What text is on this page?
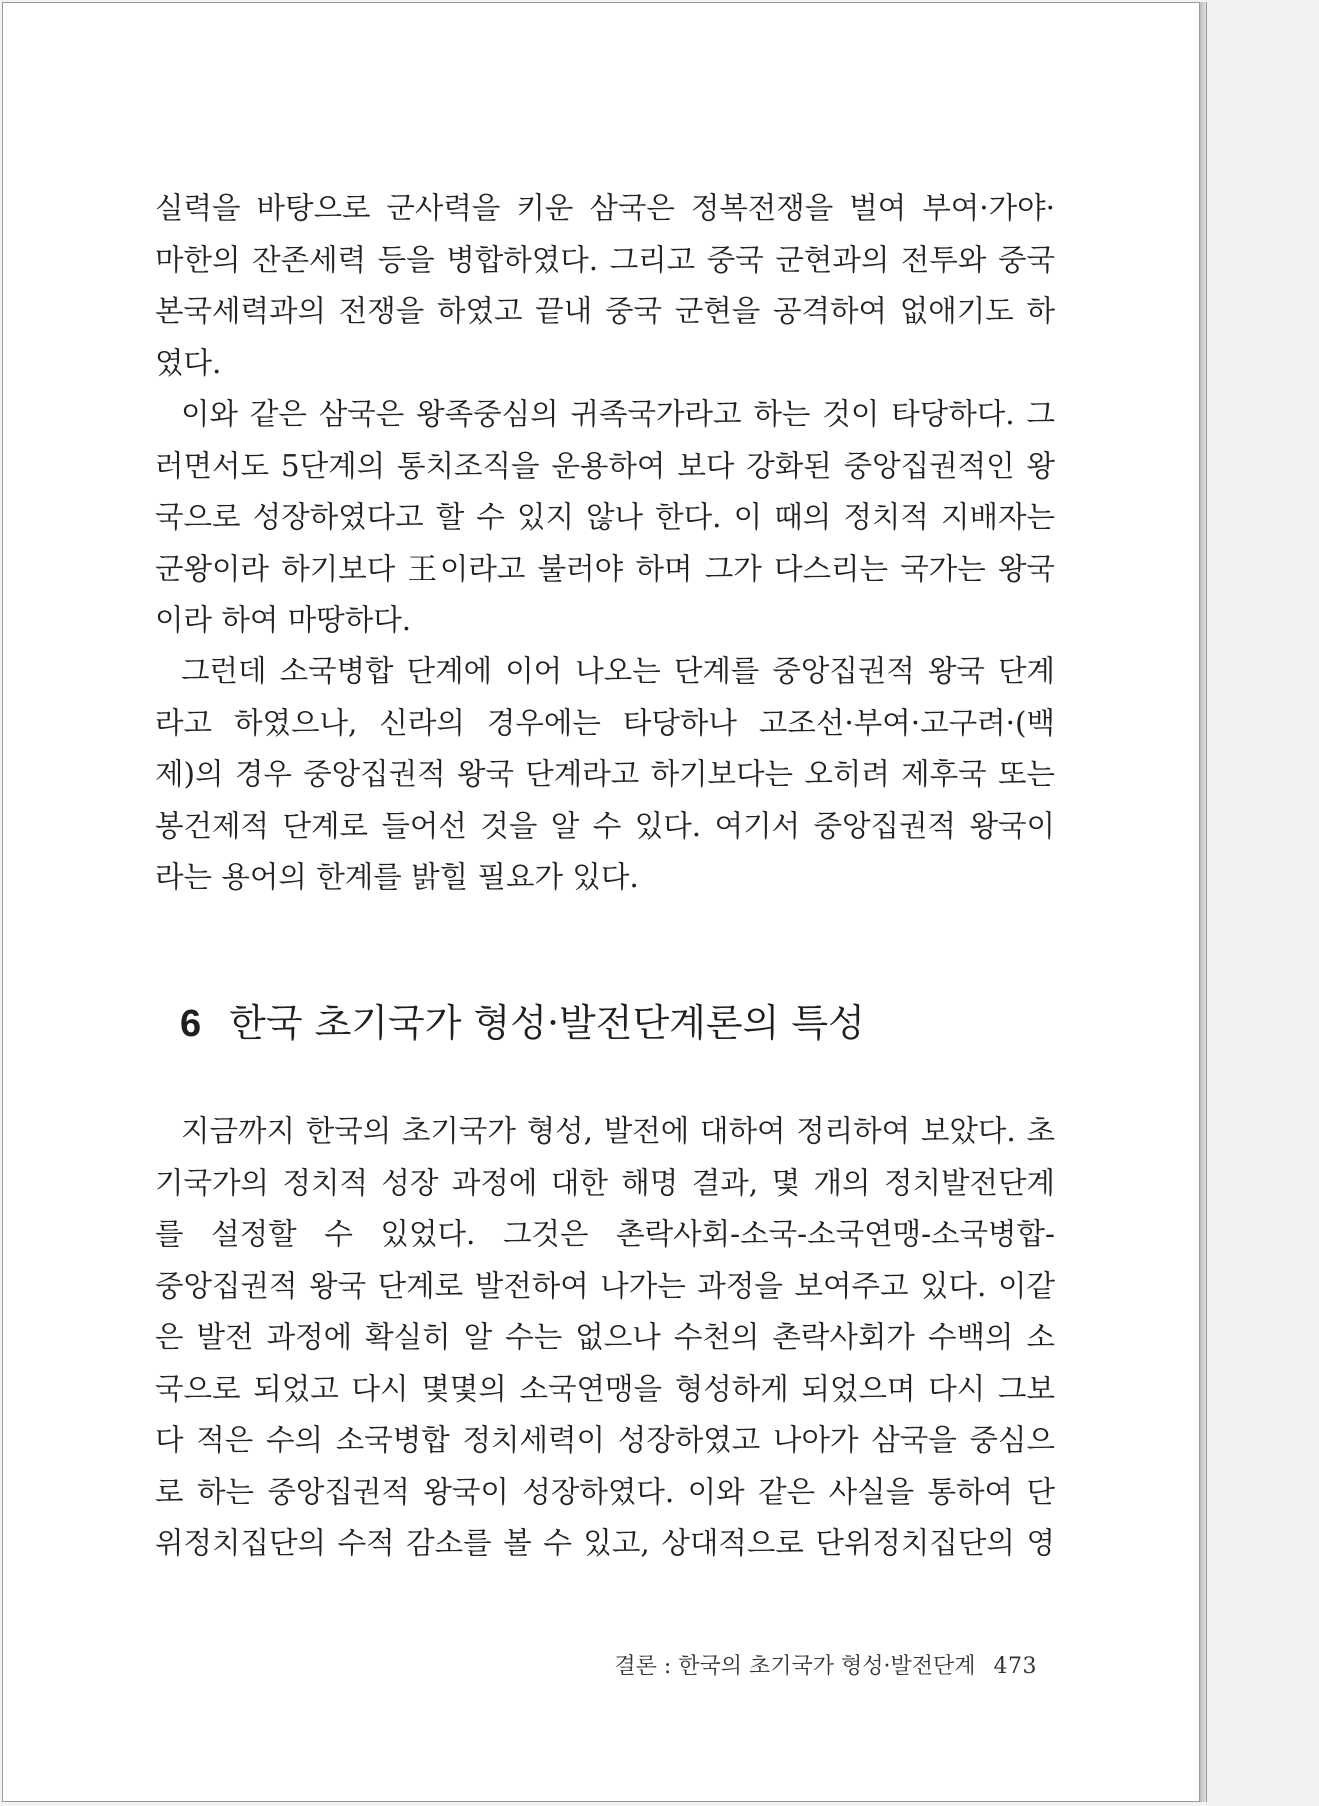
실력을 바탕으로 군사력을 키운 삼국은 정복전쟁을 벌여 부여·가야·
마한의 잔존세력 등을 병합하였다. 그리고 중국 군현과의 전투와 중국
본국세력과의 전쟁을 하였고 끝내 중국 군현을 공격하여 없애기도 하
였다.
이와 같은 삼국은 왕족중심의 귀족국가라고 하는 것이 타당하다. 그
러면서도 5단계의 통치조직을 운용하여 보다 강화된 중앙집권적인 왕
국으로 성장하였다고 할 수 있지 않나 한다. 이 때의 정치적 지배자는
군왕이라 하기보다 王이라고 불러야 하며 그가 다스리는 국가는 왕국
이라 하여 마땅하다.
그런데 소국병합 단계에 이어 나오는 단계를 중앙집권적 왕국 단계
라고 하였으나, 신라의 경우에는 타당하나 고조선·부여·고구려·(백
제)의 경우 중앙집권적 왕국 단계라고 하기보다는 오히려 제후국 또는
봉건제적 단계로 들어선 것을 알 수 있다. 여기서 중앙집권적 왕국이
라는 용어의 한계를 밝힐 필요가 있다.
6 한국 초기국가 형성·발전단계론의 특성
지금까지 한국의 초기국가 형성, 발전에 대하여 정리하여 보았다. 초
기국가의 정치적 성장 과정에 대한 해명 결과, 몇 개의 정치발전단계
를 설정할 수 있었다. 그것은 촌락사회-소국-소국연맹-소국병합-
중앙집권적 왕국 단계로 발전하여 나가는 과정을 보여주고 있다. 이같
은 발전 과정에 확실히 알 수는 없으나 수천의 촌락사회가 수백의 소
국으로 되었고 다시 몇몇의 소국연맹을 형성하게 되었으며 다시 그보
다 적은 수의 소국병합 정치세력이 성장하였고 나아가 삼국을 중심으
로 하는 중앙집권적 왕국이 성장하였다. 이와 같은 사실을 통하여 단
위정치집단의 수적 감소를 볼 수 있고, 상대적으로 단위정치집단의 영
결론 : 한국의 초기국가 형성·발전단계 473
